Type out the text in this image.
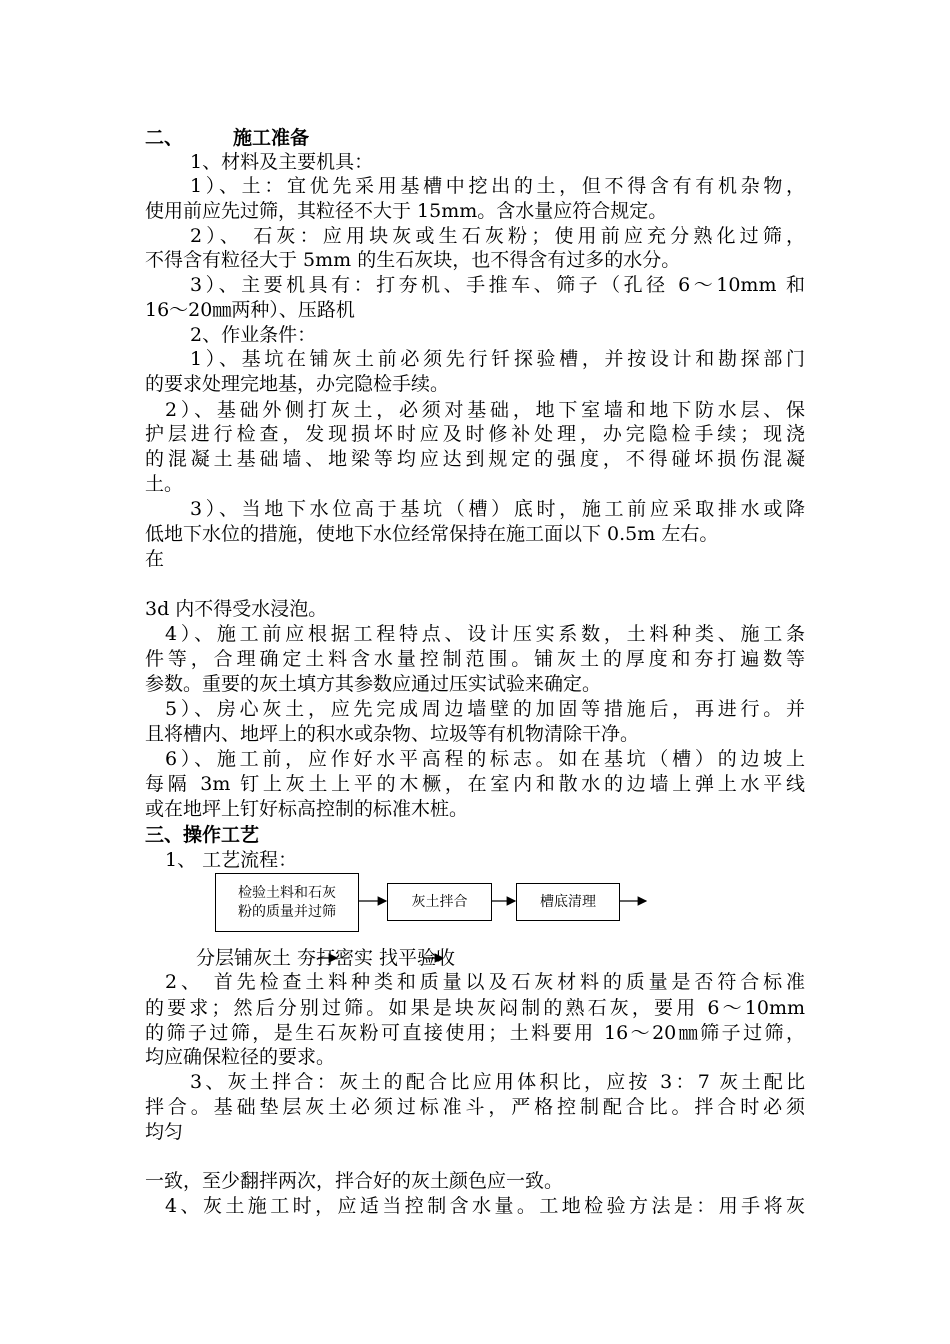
二、	施工准备
1、材料及主要机具：
1）、土：宜优先采用基槽中挖出的土，但不得含有有机杂物，
使用前应先过筛，其粒径不大于 15mm。含水量应符合规定。
2）、 石灰：应用块灰或生石灰粉；使用前应充分熟化过筛，
不得含有粒径大于 5mm 的生石灰块，也不得含有过多的水分。
3）、主要机具有：打夯机、手推车、筛子（孔径 6～10mm 和
16～20㎜两种）、压路机
2、作业条件：
1）、基坑在铺灰土前必须先行钎探验槽，并按设计和勘探部门
的要求处理完地基，办完隐检手续。
2）、基础外侧打灰土，必须对基础，地下室墙和地下防水层、保
护层进行检查，发现损坏时应及时修补处理，办完隐检手续；现浇
的混凝土基础墙、地梁等均应达到规定的强度，不得碰坏损伤混凝
土。
3）、当地下水位高于基坑（槽）底时，施工前应采取排水或降
低地下水位的措施，使地下水位经常保持在施工面以下 0.5m 左右。
在
3d 内不得受水浸泡。
4）、施工前应根据工程特点、设计压实系数，土料种类、施工条
件等，合理确定土料含水量控制范围。铺灰土的厚度和夯打遍数等
参数。重要的灰土填方其参数应通过压实试验来确定。
5）、房心灰土，应先完成周边墙壁的加固等措施后，再进行。并
且将槽内、地坪上的积水或杂物、垃圾等有机物清除干净。
6）、施工前，应作好水平高程的标志。如在基坑（槽）的边坡上
每隔 3m 钉上灰土上平的木橛，在室内和散水的边墙上弹上水平线
或在地坪上钉好标高控制的标准木桩。
三、操作工艺
1、 工艺流程：
检验土料和石灰
粉的质量并过筛
灰土拌合	槽底清理
分层铺灰土 夯打密实 找平验收
2、 首先检查土料种类和质量以及石灰材料的质量是否符合标准
的要求；然后分别过筛。如果是块灰闷制的熟石灰，要用 6～10mm
的筛子过筛，是生石灰粉可直接使用；土料要用 16～20㎜筛子过筛，
均应确保粒径的要求。
3、灰土拌合：灰土的配合比应用体积比，应按 3：7 灰土配比
拌合。基础垫层灰土必须过标准斗，严格控制配合比。拌合时必须
均匀
一致，至少翻拌两次，拌合好的灰土颜色应一致。
4、灰土施工时，应适当控制含水量。工地检验方法是：用手将灰
